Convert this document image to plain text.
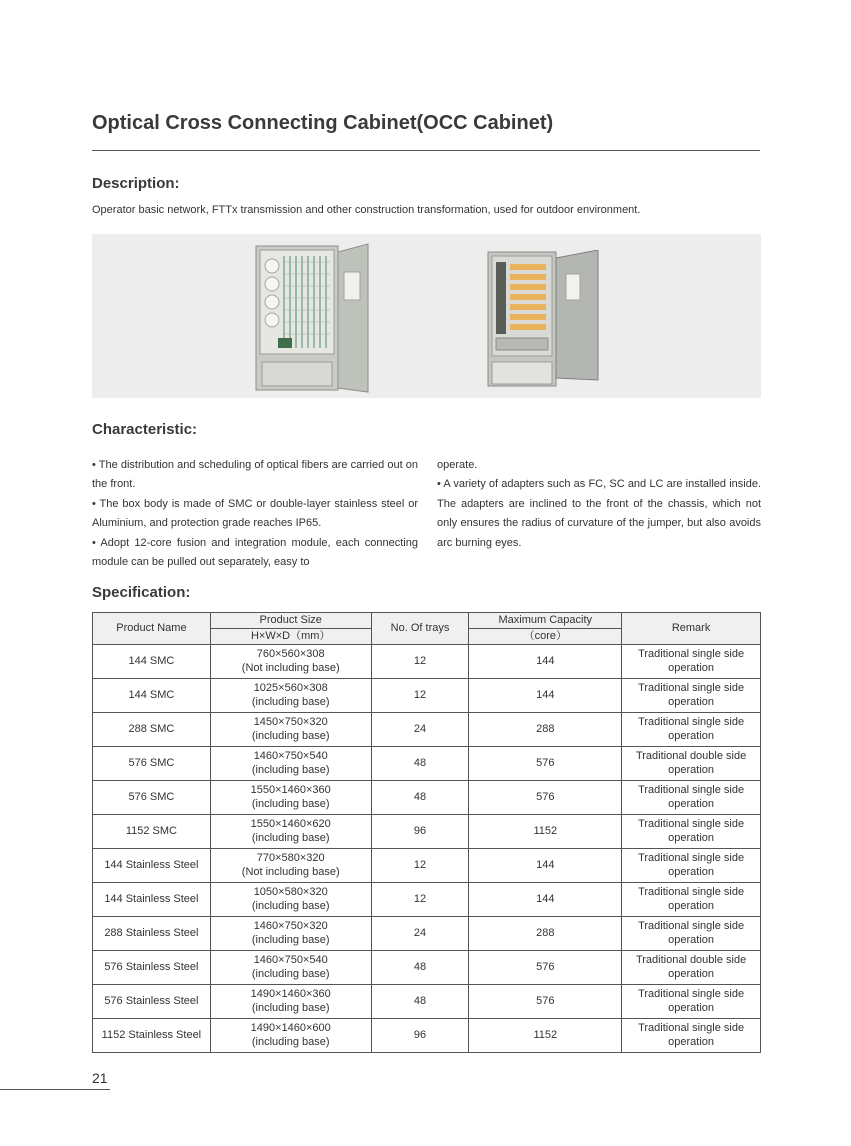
Optical Cross Connecting Cabinet(OCC Cabinet)
Description:
Operator basic network, FTTx transmission and other construction transformation, used for outdoor environment.
Characteristic:

• The distribution and scheduling of optical fibers are carried out on the front.

• The box body is made of SMC or double-layer stainless steel or Aluminium, and protection grade reaches IP65.

• Adopt 12-core fusion and integration module, each connecting module can be pulled out separately, easy to

operate.

• A variety of adapters such as FC, SC and LC are installed inside. The adapters are inclined to the front of the chassis, which not only ensures the radius of curvature of the jumper, but also avoids arc burning eyes.

Specification:
Product Name	Product Size	No. Of trays	Maximum Capacity	Remark
	H×W×D（mm）		（core）	
144 SMC	760×560×308
(Not including base)	12	144	Traditional single side
operation
144 SMC	1025×560×308
(including base)	12	144	Traditional single side
operation
288 SMC	1450×750×320
(including base)	24	288	Traditional single side
operation
576 SMC	1460×750×540
(including base)	48	576	Traditional double side
operation
576 SMC	1550×1460×360
(including base)	48	576	Traditional single side
operation
1152 SMC	1550×1460×620
(including base)	96	1152	Traditional single side
operation
144 Stainless Steel	770×580×320
(Not including base)	12	144	Traditional single side
operation
144 Stainless Steel	1050×580×320
(including base)	12	144	Traditional single side
operation
288 Stainless Steel	1460×750×320
(including base)	24	288	Traditional single side
operation
576 Stainless Steel	1460×750×540
(including base)	48	576	Traditional double side
operation
576 Stainless Steel	1490×1460×360
(including base)	48	576	Traditional single side
operation
1152 Stainless Steel	1490×1460×600
(including base)	96	1152	Traditional single side
operation
21
